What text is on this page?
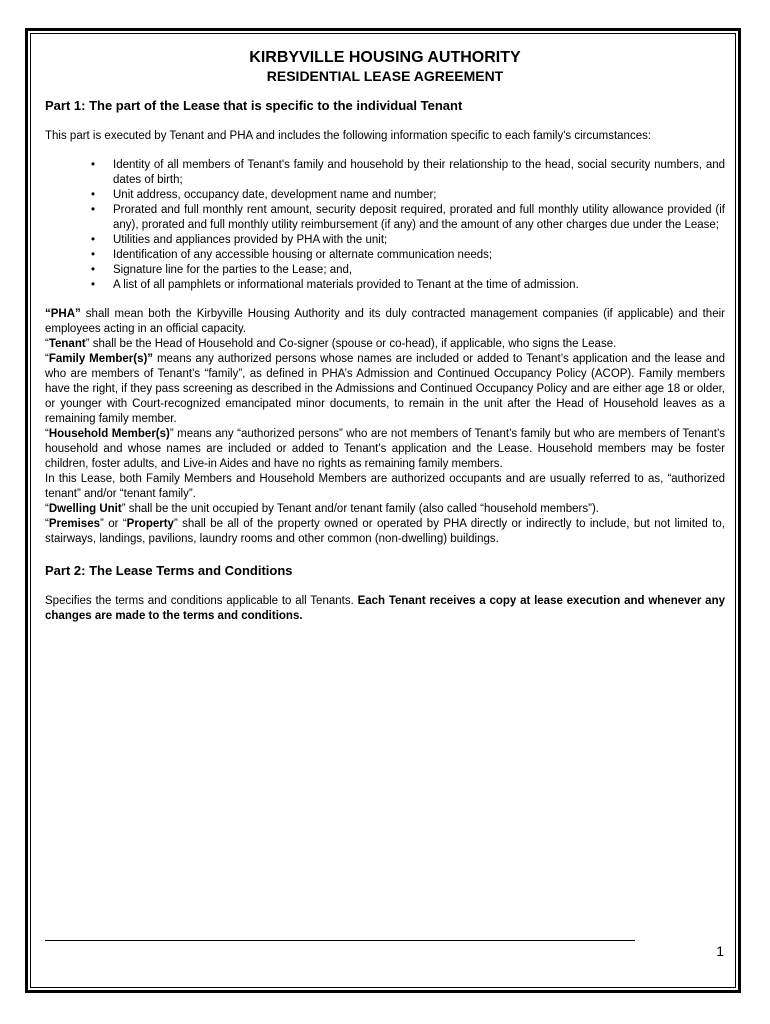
KIRBYVILLE HOUSING AUTHORITY
RESIDENTIAL LEASE AGREEMENT
Part 1: The part of the Lease that is specific to the individual Tenant

This part is executed by Tenant and PHA and includes the following information specific to each family's circumstances:

• Identity of all members of Tenant's family and household by their relationship to the head, social security numbers, and dates of birth;
• Unit address, occupancy date, development name and number;
• Prorated and full monthly rent amount, security deposit required, prorated and full monthly utility allowance provided (if any), prorated and full monthly utility reimbursement (if any) and the amount of any other charges due under the Lease;
• Utilities and appliances provided by PHA with the unit;
• Identification of any accessible housing or alternate communication needs;
• Signature line for the parties to the Lease; and,
• A list of all pamphlets or informational materials provided to Tenant at the time of admission.

“PHA” shall mean both the Kirbyville Housing Authority and its duly contracted management companies (if applicable) and their employees acting in an official capacity.

“Tenant” shall be the Head of Household and Co-signer (spouse or co-head), if applicable, who signs the Lease.

“Family Member(s)” means any authorized persons whose names are included or added to Tenant’s application and the lease and who are members of Tenant’s “family”, as defined in PHA’s Admission and Continued Occupancy Policy (ACOP). Family members have the right, if they pass screening as described in the Admissions and Continued Occupancy Policy and are either age 18 or older, or younger with Court-recognized emancipated minor documents, to remain in the unit after the Head of Household leaves as a remaining family member.

“Household Member(s)” means any “authorized persons” who are not members of Tenant’s family but who are members of Tenant’s household and whose names are included or added to Tenant’s application and the Lease. Household members may be foster children, foster adults, and Live-in Aides and have no rights as remaining family members.

In this Lease, both Family Members and Household Members are authorized occupants and are usually referred to as, “authorized tenant” and/or “tenant family”.

“Dwelling Unit” shall be the unit occupied by Tenant and/or tenant family (also called “household members”).

“Premises” or “Property” shall be all of the property owned or operated by PHA directly or indirectly to include, but not limited to, stairways, landings, pavilions, laundry rooms and other common (non-dwelling) buildings.

Part 2: The Lease Terms and Conditions

Specifies the terms and conditions applicable to all Tenants. Each Tenant receives a copy at lease execution and whenever any changes are made to the terms and conditions.

1
